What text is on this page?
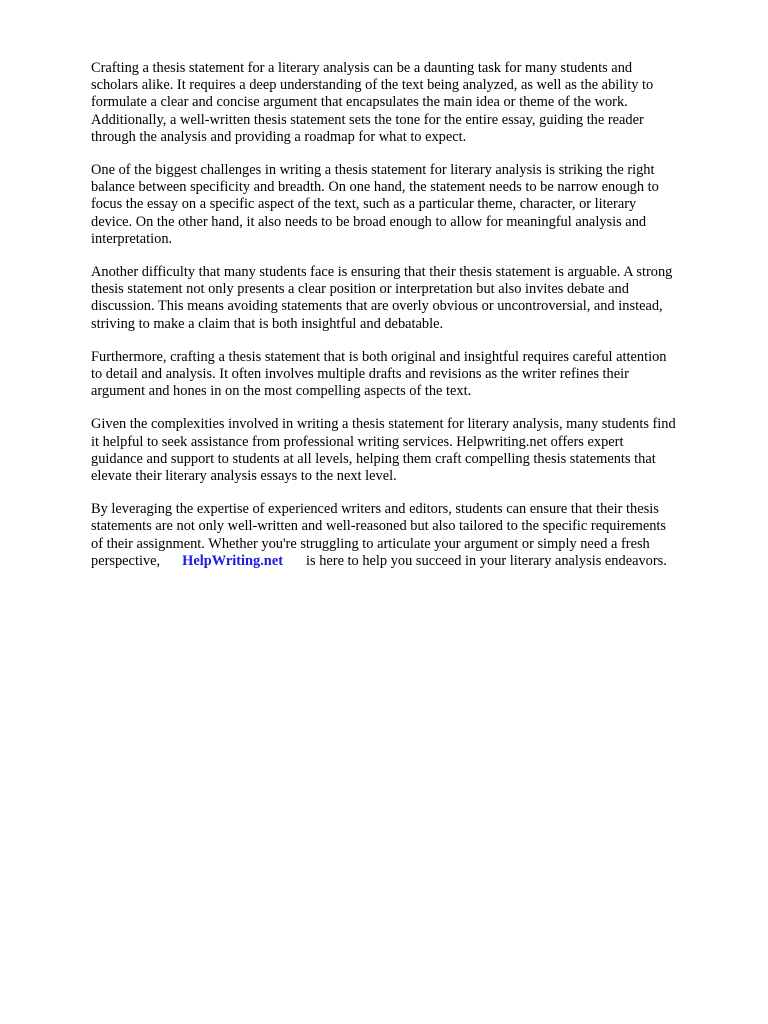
Crafting a thesis statement for a literary analysis can be a daunting task for many students and
scholars alike. It requires a deep understanding of the text being analyzed, as well as the ability to
formulate a clear and concise argument that encapsulates the main idea or theme of the work.
Additionally, a well-written thesis statement sets the tone for the entire essay, guiding the reader
through the analysis and providing a roadmap for what to expect.

One of the biggest challenges in writing a thesis statement for literary analysis is striking the right
balance between specificity and breadth. On one hand, the statement needs to be narrow enough to
focus the essay on a specific aspect of the text, such as a particular theme, character, or literary
device. On the other hand, it also needs to be broad enough to allow for meaningful analysis and
interpretation.

Another difficulty that many students face is ensuring that their thesis statement is arguable. A strong
thesis statement not only presents a clear position or interpretation but also invites debate and
discussion. This means avoiding statements that are overly obvious or uncontroversial, and instead,
striving to make a claim that is both insightful and debatable.

Furthermore, crafting a thesis statement that is both original and insightful requires careful attention
to detail and analysis. It often involves multiple drafts and revisions as the writer refines their
argument and hones in on the most compelling aspects of the text.

Given the complexities involved in writing a thesis statement for literary analysis, many students find
it helpful to seek assistance from professional writing services. Helpwriting.net offers expert
guidance and support to students at all levels, helping them craft compelling thesis statements that
elevate their literary analysis essays to the next level.

By leveraging the expertise of experienced writers and editors, students can ensure that their thesis
statements are not only well-written and well-reasoned but also tailored to the specific requirements
of their assignment. Whether you're struggling to articulate your argument or simply need a fresh
perspective, HelpWriting.net is here to help you succeed in your literary analysis endeavors.
